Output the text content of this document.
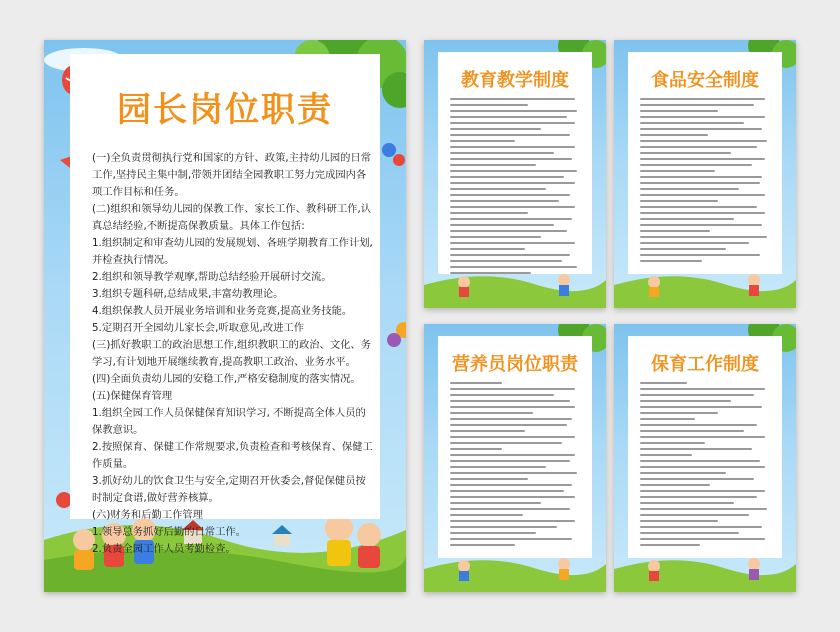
园长岗位职责

(一)全负责贯彻执行党和国家的方针、政策,主持幼儿园的日常工作,坚持民主集中制,带领并团结全园教职工努力完成园内各项工作目标和任务。

(二)组织和领导幼儿园的保教工作、家长工作、教科研工作,认真总结经验,不断提高保教质量。具体工作包括:

1.组织制定和审查幼儿园的发展规划、各班学期教育工作计划,并检查执行情况。

2.组织和领导教学观摩,帮助总结经验开展研讨交流。

3.组织专题科研,总结成果,丰富幼教理论。

4.组织保教人员开展业务培训和业务竞赛,提高业务技能。

5.定期召开全园幼儿家长会,听取意见,改进工作

(三)抓好教职工的政治思想工作,组织教职工的政治、文化、务学习,有计划地开展继续教育,提高教职工政治、业务水平。

(四)全面负责幼儿园的安稳工作,严格安稳制度的落实情况。

(五)保健保育管理

1.组织全园工作人员保健保育知识学习, 不断提高全体人员的保教意识。

2.按照保育、保健工作常规要求,负责检查和考核保育、保健工作质量。

3.抓好幼儿的饮食卫生与安全,定期召开伙委会,督促保健员按时制定食谱,做好营养核算。

(六)财务和后勤工作管理

1.领导总务抓好后勤的日常工作。

2.负责全园工作人员考勤检查。

教育教学制度	食品安全制度
营养员岗位职责	保育工作制度
